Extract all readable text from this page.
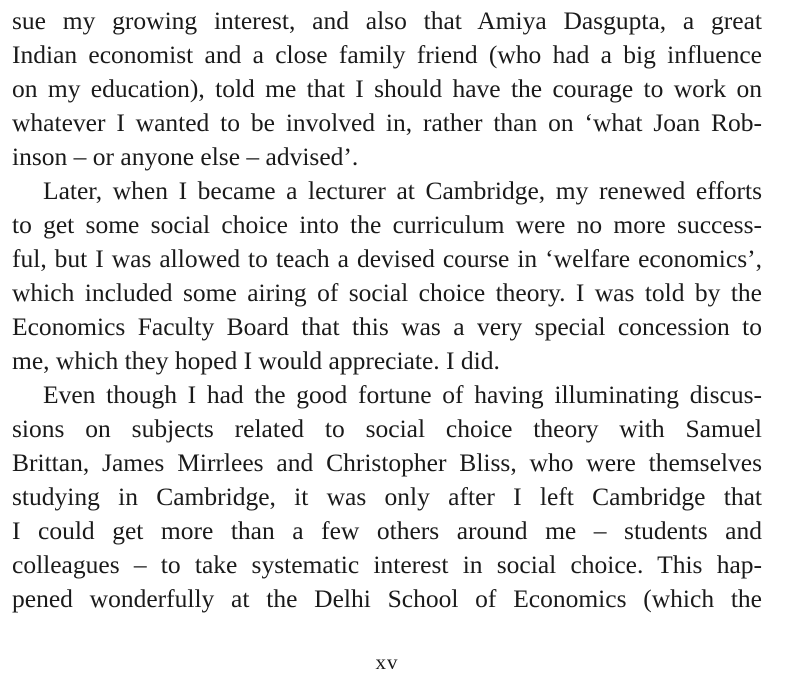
sue my growing interest, and also that Amiya Dasgupta, a great
Indian economist and a close family friend (who had a big influence
on my education), told me that I should have the courage to work on
whatever I wanted to be involved in, rather than on ‘what Joan Rob-
inson – or anyone else – advised’.
Later, when I became a lecturer at Cambridge, my renewed efforts
to get some social choice into the curriculum were no more success-
ful, but I was allowed to teach a devised course in ‘welfare economics’,
which included some airing of social choice theory. I was told by the
Economics Faculty Board that this was a very special concession to
me, which they hoped I would appreciate. I did.
Even though I had the good fortune of having illuminating discus-
sions on subjects related to social choice theory with Samuel
Brittan, James Mirrlees and Christopher Bliss, who were themselves
studying in Cambridge, it was only after I left Cambridge that
I could get more than a few others around me – students and
colleagues – to take systematic interest in social choice. This hap-
pened wonderfully at the Delhi School of Economics (which the
xv
